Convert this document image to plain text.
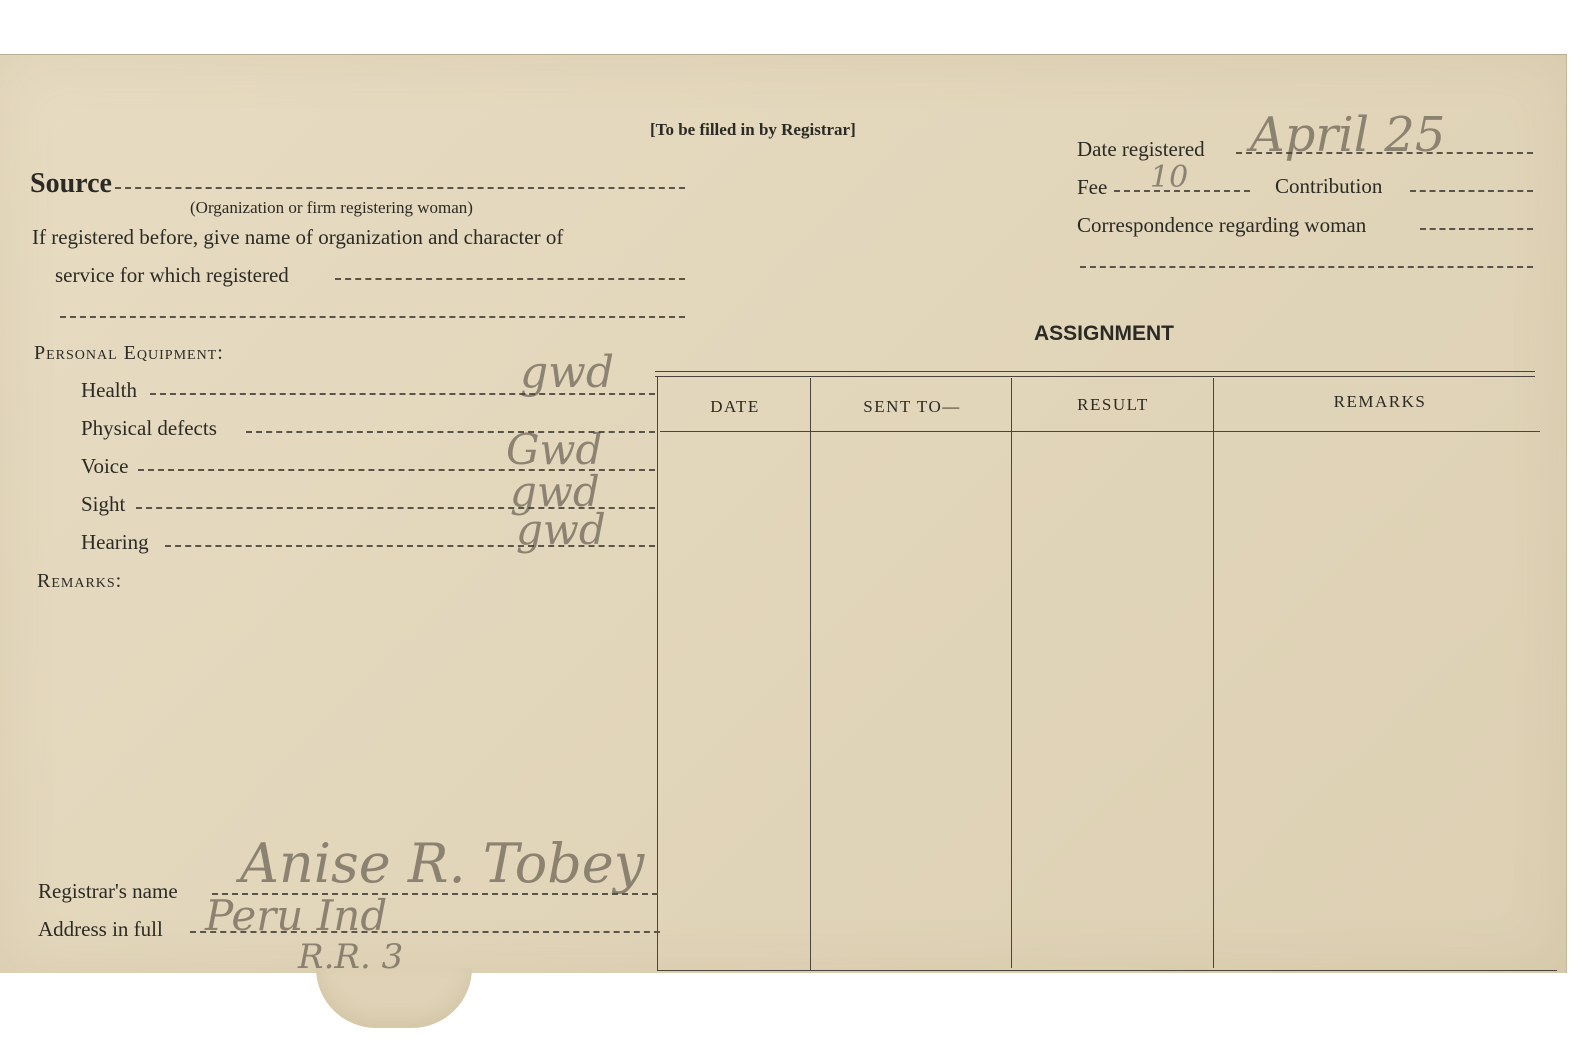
[To be filled in by Registrar]
Date registered April 25
Fee 10	Contribution
Correspondence regarding woman
Source
(Organization or firm registering woman)
If registered before, give name of organization and character of
service for which registered
Personal Equipment:
Health	gwd
Physical defects
Voice	Gwd
Sight	gwd
Hearing	gwd
Remarks:
ASSIGNMENT
DATE	SENT TO—	RESULT	REMARKS
Registrar's name Anise R. Tobey
Address in full Peru Ind
R.R. 3
